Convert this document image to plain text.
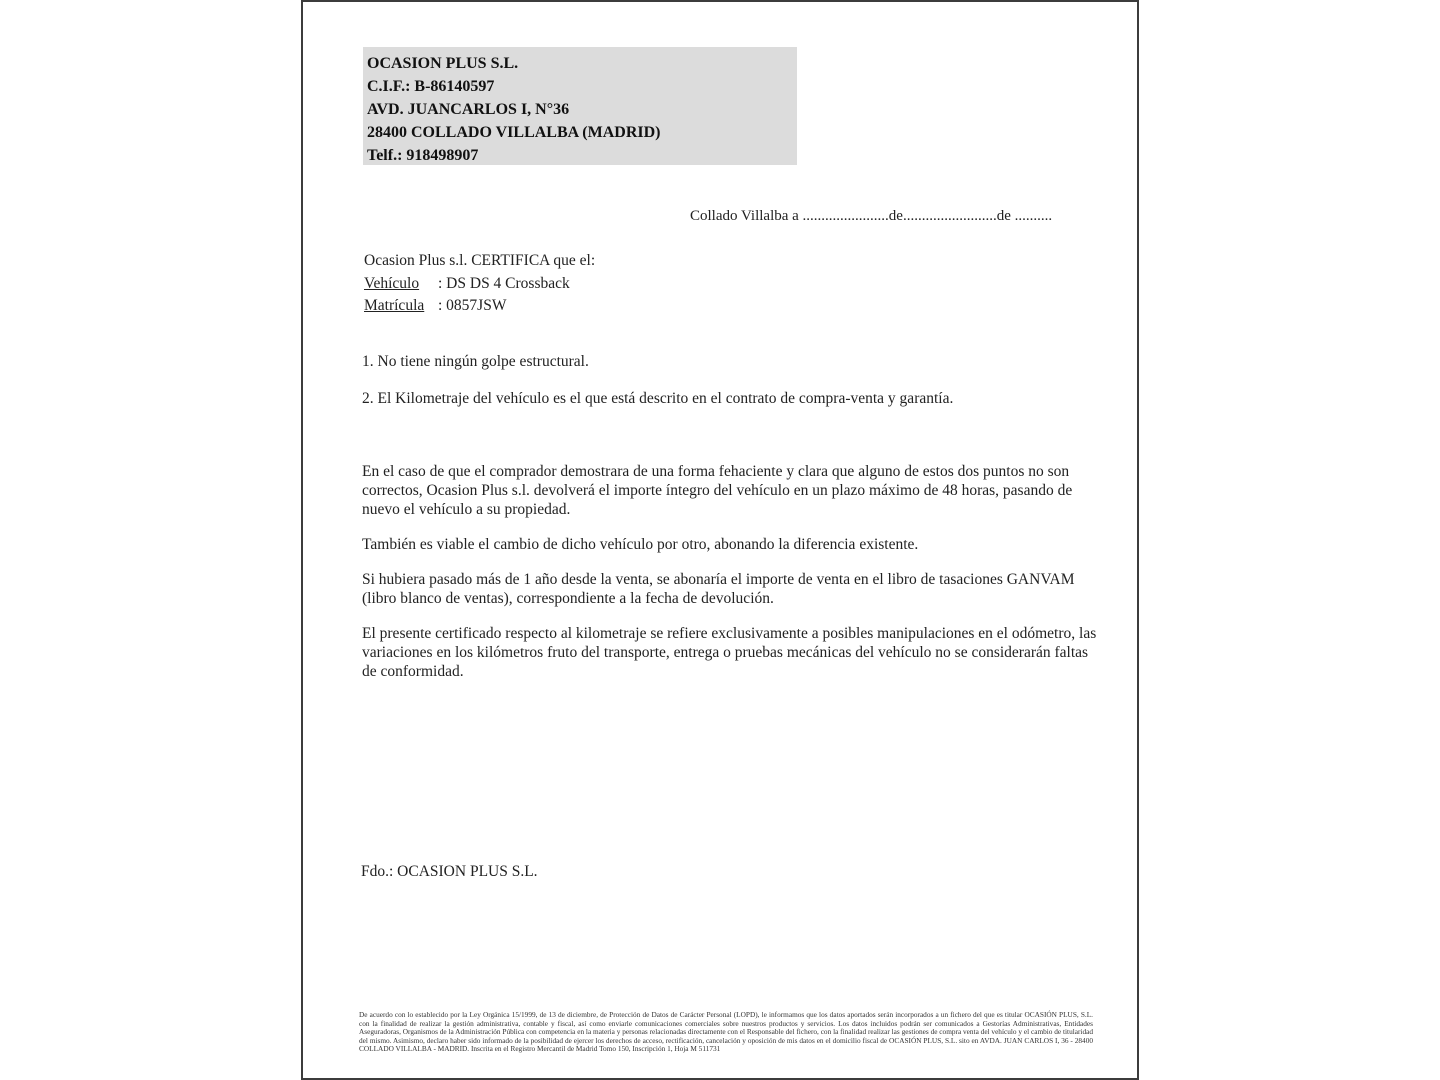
OCASION PLUS S.L.
C.I.F.: B-86140597
AVD. JUANCARLOS I, N°36
28400 COLLADO VILLALBA (MADRID)
Telf.: 918498907
Collado Villalba a .......................de.........................de ..........
Ocasion Plus s.l. CERTIFICA que el:
Vehículo : DS DS 4 Crossback
Matrícula : 0857JSW
1. No tiene ningún golpe estructural.
2. El Kilometraje del vehículo es el que está descrito en el contrato de compra-venta y garantía.

En el caso de que el comprador demostrara de una forma fehaciente y clara que alguno de estos dos puntos no son correctos, Ocasion Plus s.l. devolverá el importe íntegro del vehículo en un plazo máximo de 48 horas, pasando de nuevo el vehículo a su propiedad.

También es viable el cambio de dicho vehículo por otro, abonando la diferencia existente.

Si hubiera pasado más de 1 año desde la venta, se abonaría el importe de venta en el libro de tasaciones GANVAM (libro blanco de ventas), correspondiente a la fecha de devolución.

El presente certificado respecto al kilometraje se refiere exclusivamente a posibles manipulaciones en el odómetro, las variaciones en los kilómetros fruto del transporte, entrega o pruebas mecánicas del vehículo no se considerarán faltas de conformidad.

Fdo.: OCASION PLUS S.L.
De acuerdo con lo establecido por la Ley Orgánica 15/1999, de 13 de diciembre, de Protección de Datos de Carácter Personal (LOPD), le informamos que los datos aportados serán incorporados a un fichero del que es titular OCASIÓN PLUS, S.L. con la finalidad de realizar la gestión administrativa, contable y fiscal, así como enviarle comunicaciones comerciales sobre nuestros productos y servicios. Los datos incluidos podrán ser comunicados a Gestorías Administrativas, Entidades Aseguradoras, Organismos de la Administración Pública con competencia en la materia y personas relacionadas directamente con el Responsable del fichero, con la finalidad realizar las gestiones de compra venta del vehículo y el cambio de titularidad del mismo. Asimismo, declaro haber sido informado de la posibilidad de ejercer los derechos de acceso, rectificación, cancelación y oposición de mis datos en el domicilio fiscal de OCASIÓN PLUS, S.L. sito en AVDA. JUAN CARLOS I, 36 - 28400 COLLADO VILLALBA - MADRID. Inscrita en el Registro Mercantil de Madrid Tomo 150, Inscripción 1, Hoja M 511731
